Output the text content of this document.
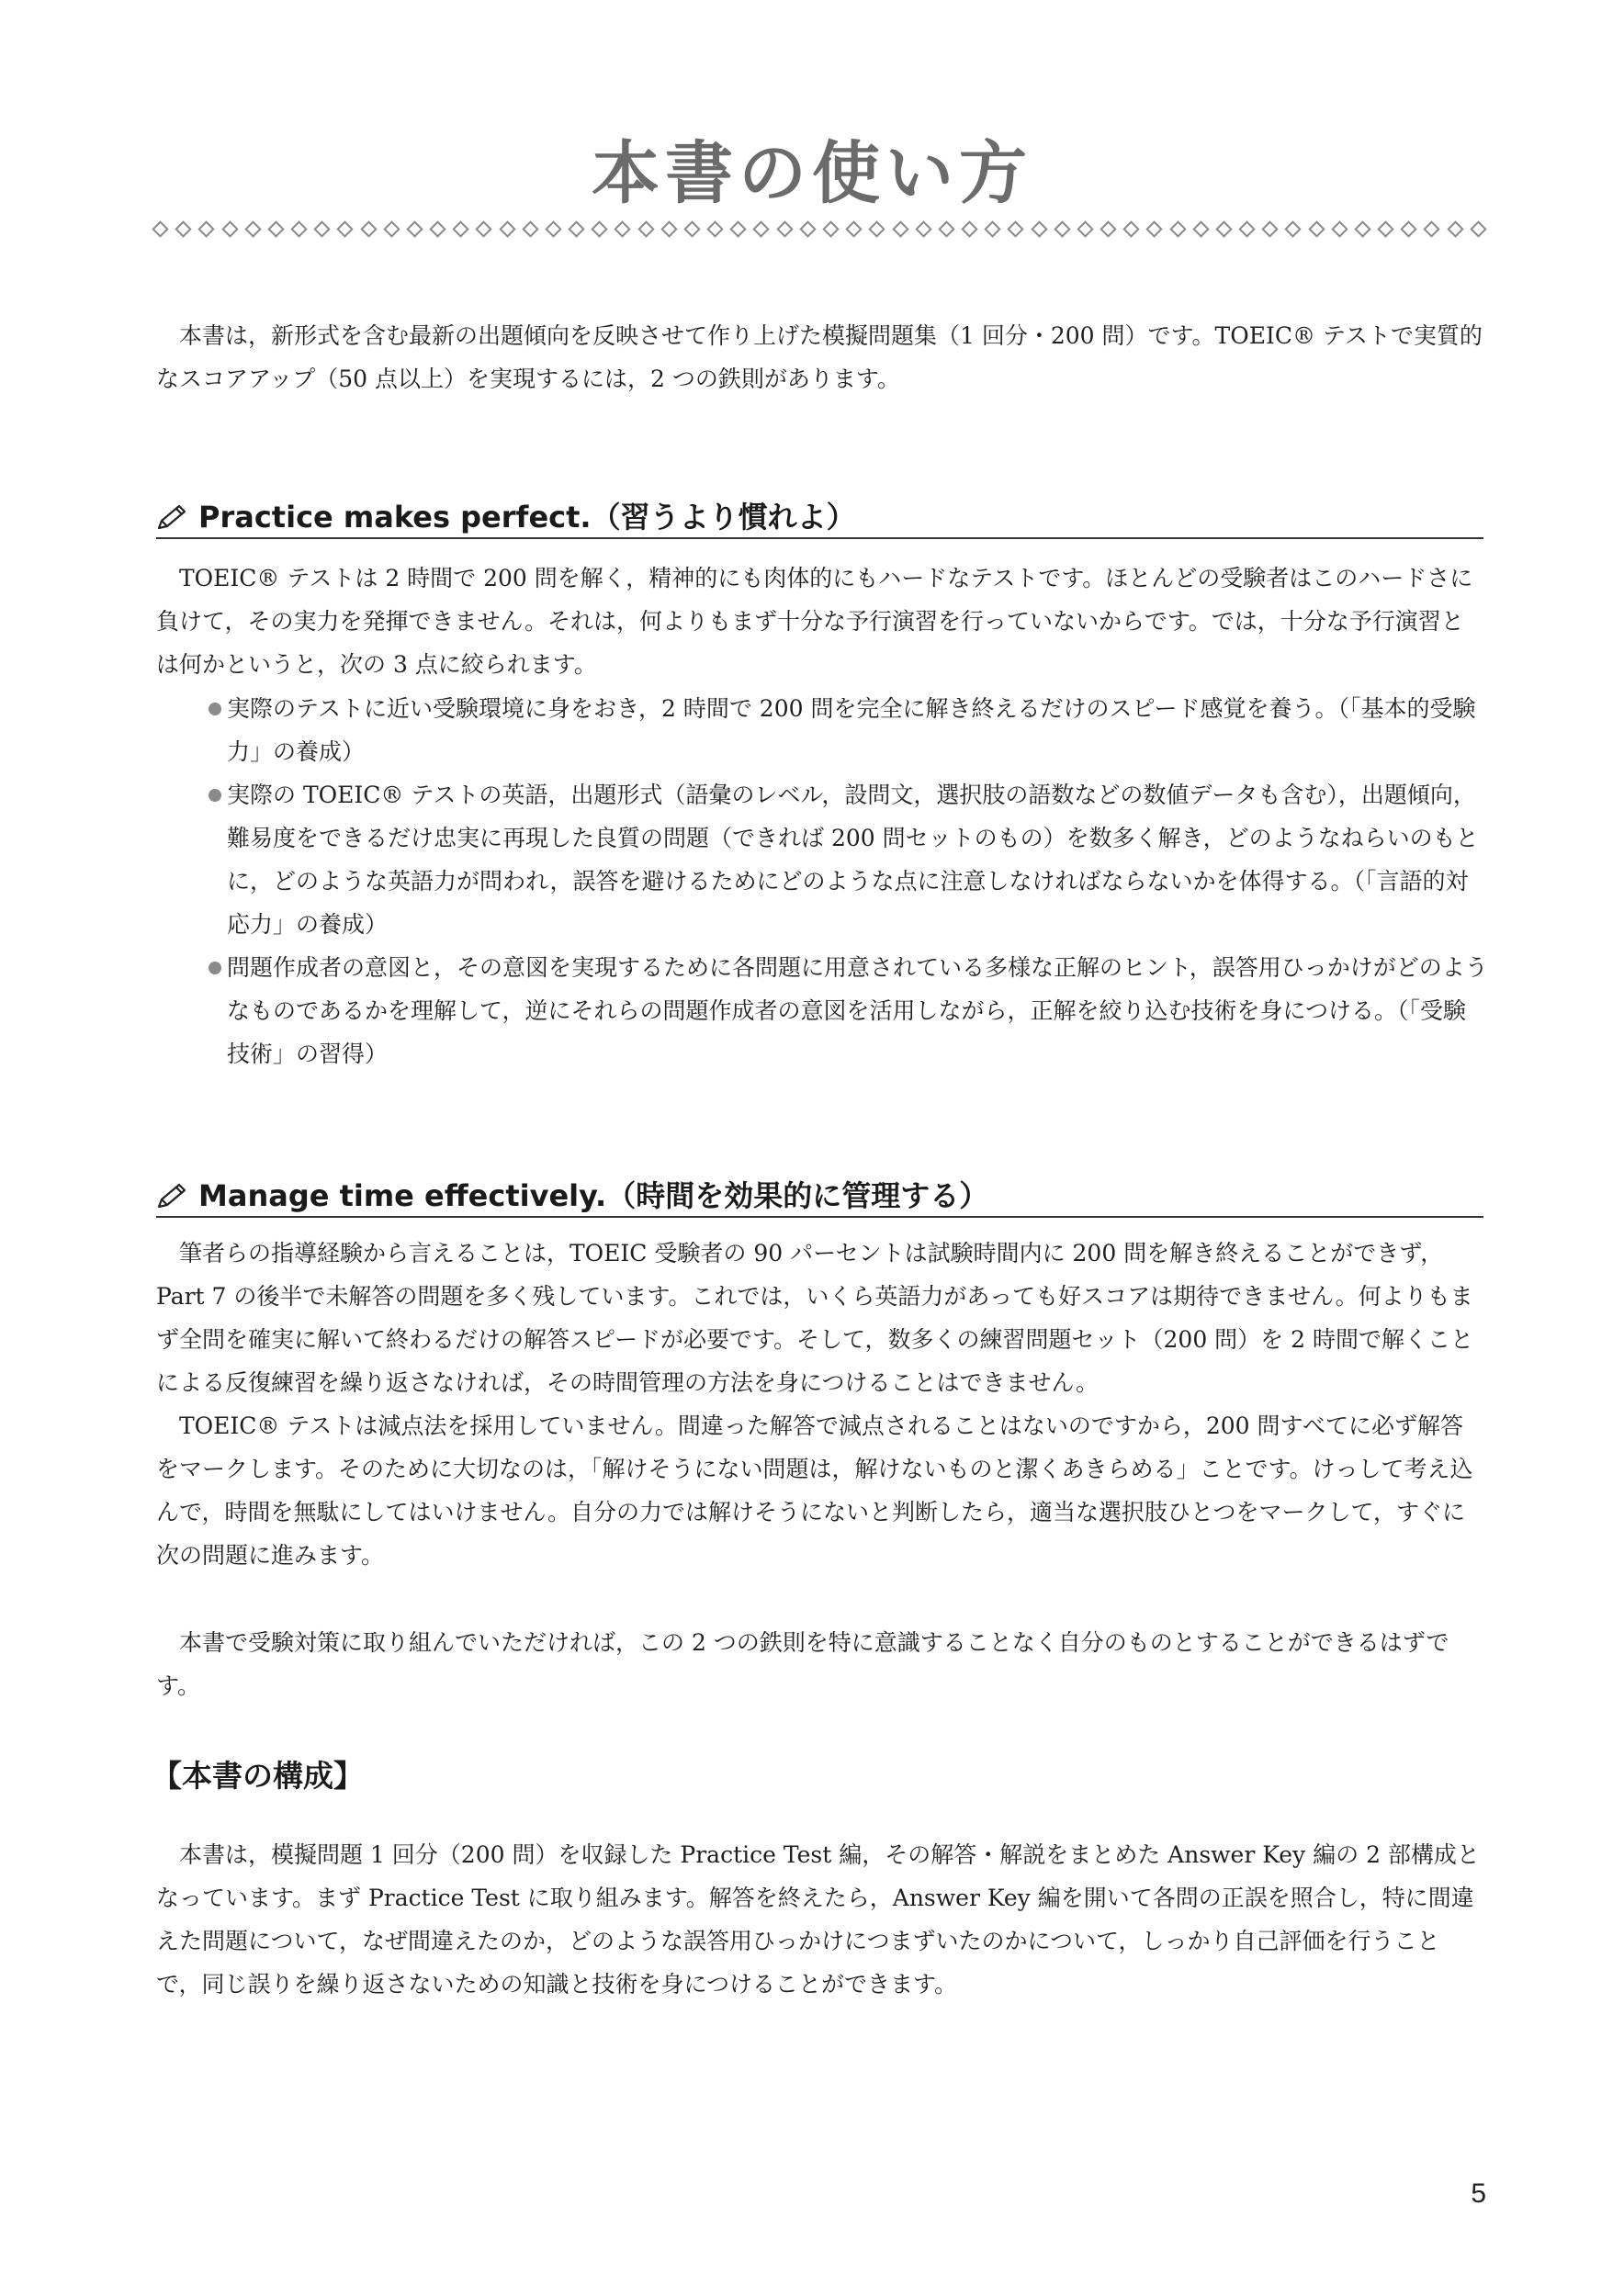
本書の使い方

本書は，新形式を含む最新の出題傾向を反映させて作り上げた模擬問題集（1 回分・200 問）です。TOEIC® テストで実質的なスコアアップ（50 点以上）を実現するには，2 つの鉄則があります。

Practice makes perfect.（習うより慣れよ）

TOEIC® テストは 2 時間で 200 問を解く，精神的にも肉体的にもハードなテストです。ほとんどの受験者はこのハードさに負けて，その実力を発揮できません。それは，何よりもまず十分な予行演習を行っていないからです。では，十分な予行演習とは何かというと，次の 3 点に絞られます。

実際のテストに近い受験環境に身をおき，2 時間で 200 問を完全に解き終えるだけのスピード感覚を養う。（「基本的受験力」の養成）
実際の TOEIC® テストの英語，出題形式（語彙のレベル，設問文，選択肢の語数などの数値データも含む），出題傾向，難易度をできるだけ忠実に再現した良質の問題（できれば 200 問セットのもの）を数多く解き，どのようなねらいのもとに，どのような英語力が問われ，誤答を避けるためにどのような点に注意しなければならないかを体得する。（「言語的対応力」の養成）
問題作成者の意図と，その意図を実現するために各問題に用意されている多様な正解のヒント，誤答用ひっかけがどのようなものであるかを理解して，逆にそれらの問題作成者の意図を活用しながら，正解を絞り込む技術を身につける。（「受験技術」の習得）
Manage time effectively.（時間を効果的に管理する）

筆者らの指導経験から言えることは，TOEIC 受験者の 90 パーセントは試験時間内に 200 問を解き終えることができず，Part 7 の後半で未解答の問題を多く残しています。これでは，いくら英語力があっても好スコアは期待できません。何よりもまず全問を確実に解いて終わるだけの解答スピードが必要です。そして，数多くの練習問題セット（200 問）を 2 時間で解くことによる反復練習を繰り返さなければ，その時間管理の方法を身につけることはできません。

TOEIC® テストは減点法を採用していません。間違った解答で減点されることはないのですから，200 問すべてに必ず解答をマークします。そのために大切なのは，「解けそうにない問題は，解けないものと潔くあきらめる」ことです。けっして考え込んで，時間を無駄にしてはいけません。自分の力では解けそうにないと判断したら，適当な選択肢ひとつをマークして，すぐに次の問題に進みます。

本書で受験対策に取り組んでいただければ，この 2 つの鉄則を特に意識することなく自分のものとすることができるはずです。

【本書の構成】

本書は，模擬問題 1 回分（200 問）を収録した Practice Test 編，その解答・解説をまとめた Answer Key 編の 2 部構成となっています。まず Practice Test に取り組みます。解答を終えたら，Answer Key 編を開いて各問の正誤を照合し，特に間違えた問題について，なぜ間違えたのか，どのような誤答用ひっかけにつまずいたのかについて，しっかり自己評価を行うことで，同じ誤りを繰り返さないための知識と技術を身につけることができます。

5
